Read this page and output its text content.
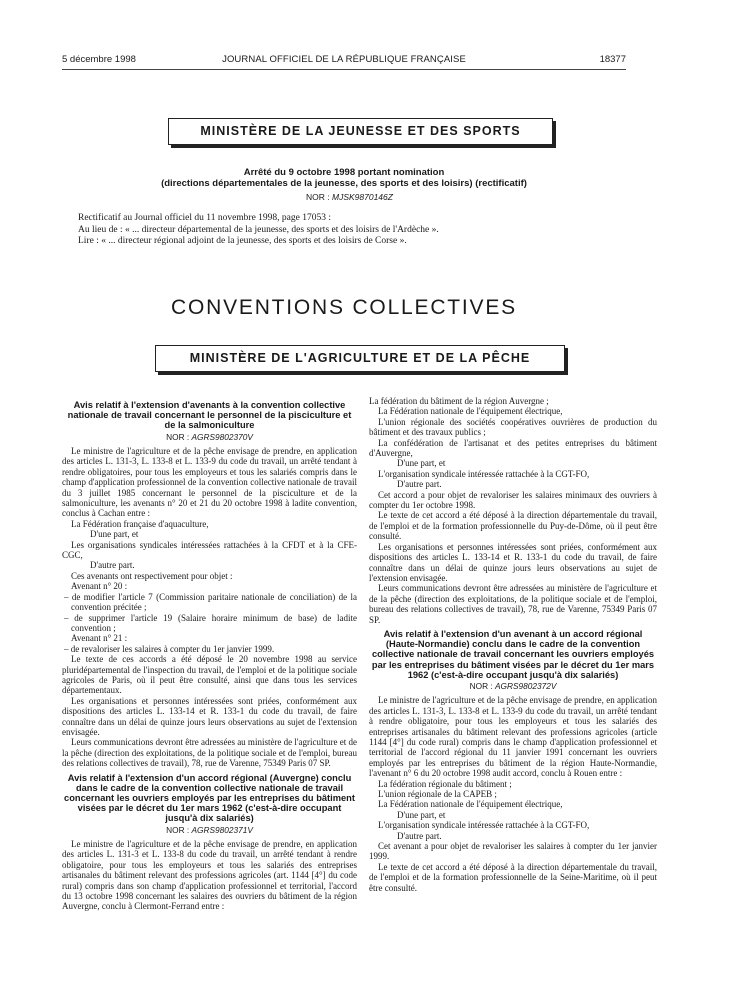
5 décembre 1998	JOURNAL OFFICIEL DE LA RÉPUBLIQUE FRANÇAISE	18377
MINISTÈRE DE LA JEUNESSE ET DES SPORTS
Arrêté du 9 octobre 1998 portant nomination
(directions départementales de la jeunesse, des sports et des loisirs) (rectificatif)
NOR : MJSK9870146Z

Rectificatif au Journal officiel du 11 novembre 1998, page 17053 :

Au lieu de : « ... directeur départemental de la jeunesse, des sports et des loisirs de l'Ardèche ».

Lire : « ... directeur régional adjoint de la jeunesse, des sports et des loisirs de Corse ».

CONVENTIONS COLLECTIVES
MINISTÈRE DE L'AGRICULTURE ET DE LA PÊCHE
Avis relatif à l'extension d'avenants à la convention collective nationale de travail concernant le personnel de la pisciculture et de la salmoniculture
NOR : AGRS9802370V

Le ministre de l'agriculture et de la pêche envisage de prendre, en application des articles L. 131-3, L. 133-8 et L. 133-9 du code du travail, un arrêté tendant à rendre obligatoires, pour tous les employeurs et tous les salariés compris dans le champ d'application professionnel de la convention collective nationale de travail du 3 juillet 1985 concernant le personnel de la pisciculture et de la salmoniculture, les avenants n° 20 et 21 du 20 octobre 1998 à ladite convention, conclus à Cachan entre :

La Fédération française d'aquaculture,

D'une part, et

Les organisations syndicales intéressées rattachées à la CFDT et à la CFE-CGC,

D'autre part.

Ces avenants ont respectivement pour objet :

Avenant n° 20 :

– de modifier l'article 7 (Commission paritaire nationale de conciliation) de la convention précitée ;

– de supprimer l'article 19 (Salaire horaire minimum de base) de ladite convention ;

Avenant n° 21 :

– de revaloriser les salaires à compter du 1er janvier 1999.

Le texte de ces accords a été déposé le 20 novembre 1998 au service pluridépartemental de l'inspection du travail, de l'emploi et de la politique sociale agricoles de Paris, où il peut être consulté, ainsi que dans tous les services départementaux.

Les organisations et personnes intéressées sont priées, conformément aux dispositions des articles L. 133-14 et R. 133-1 du code du travail, de faire connaître dans un délai de quinze jours leurs observations au sujet de l'extension envisagée.

Leurs communications devront être adressées au ministère de l'agriculture et de la pêche (direction des exploitations, de la politique sociale et de l'emploi, bureau des relations collectives de travail), 78, rue de Varenne, 75349 Paris 07 SP.

Avis relatif à l'extension d'un accord régional (Auvergne) conclu dans le cadre de la convention collective nationale de travail concernant les ouvriers employés par les entreprises du bâtiment visées par le décret du 1er mars 1962 (c'est-à-dire occupant jusqu'à dix salariés)
NOR : AGRS9802371V

Le ministre de l'agriculture et de la pêche envisage de prendre, en application des articles L. 131-3 et L. 133-8 du code du travail, un arrêté tendant à rendre obligatoire, pour tous les employeurs et tous les salariés des entreprises artisanales du bâtiment relevant des professions agricoles (art. 1144 [4°] du code rural) compris dans son champ d'application professionnel et territorial, l'accord du 13 octobre 1998 concernant les salaires des ouvriers du bâtiment de la région Auvergne, conclu à Clermont-Ferrand entre :

La fédération du bâtiment de la région Auvergne ;

La Fédération nationale de l'équipement électrique,

L'union régionale des sociétés coopératives ouvrières de production du bâtiment et des travaux publics ;

La confédération de l'artisanat et des petites entreprises du bâtiment d'Auvergne,

D'une part, et

L'organisation syndicale intéressée rattachée à la CGT-FO,

D'autre part.

Cet accord a pour objet de revaloriser les salaires minimaux des ouvriers à compter du 1er octobre 1998.

Le texte de cet accord a été déposé à la direction départementale du travail, de l'emploi et de la formation professionnelle du Puy-de-Dôme, où il peut être consulté.

Les organisations et personnes intéressées sont priées, conformément aux dispositions des articles L. 133-14 et R. 133-1 du code du travail, de faire connaître dans un délai de quinze jours leurs observations au sujet de l'extension envisagée.

Leurs communications devront être adressées au ministère de l'agriculture et de la pêche (direction des exploitations, de la politique sociale et de l'emploi, bureau des relations collectives de travail), 78, rue de Varenne, 75349 Paris 07 SP.

Avis relatif à l'extension d'un avenant à un accord régional (Haute-Normandie) conclu dans le cadre de la convention collective nationale de travail concernant les ouvriers employés par les entreprises du bâtiment visées par le décret du 1er mars 1962 (c'est-à-dire occupant jusqu'à dix salariés)
NOR : AGRS9802372V

Le ministre de l'agriculture et de la pêche envisage de prendre, en application des articles L. 131-3, L. 133-8 et L. 133-9 du code du travail, un arrêté tendant à rendre obligatoire, pour tous les employeurs et tous les salariés des entreprises artisanales du bâtiment relevant des professions agricoles (article 1144 [4°] du code rural) compris dans le champ d'application professionnel et territorial de l'accord régional du 11 janvier 1991 concernant les ouvriers employés par les entreprises du bâtiment de la région Haute-Normandie, l'avenant n° 6 du 20 octobre 1998 audit accord, conclu à Rouen entre :

La fédération régionale du bâtiment ;

L'union régionale de la CAPEB ;

La Fédération nationale de l'équipement électrique,

D'une part, et

L'organisation syndicale intéressée rattachée à la CGT-FO,

D'autre part.

Cet avenant a pour objet de revaloriser les salaires à compter du 1er janvier 1999.

Le texte de cet accord a été déposé à la direction départementale du travail, de l'emploi et de la formation professionnelle de la Seine-Maritime, où il peut être consulté.
